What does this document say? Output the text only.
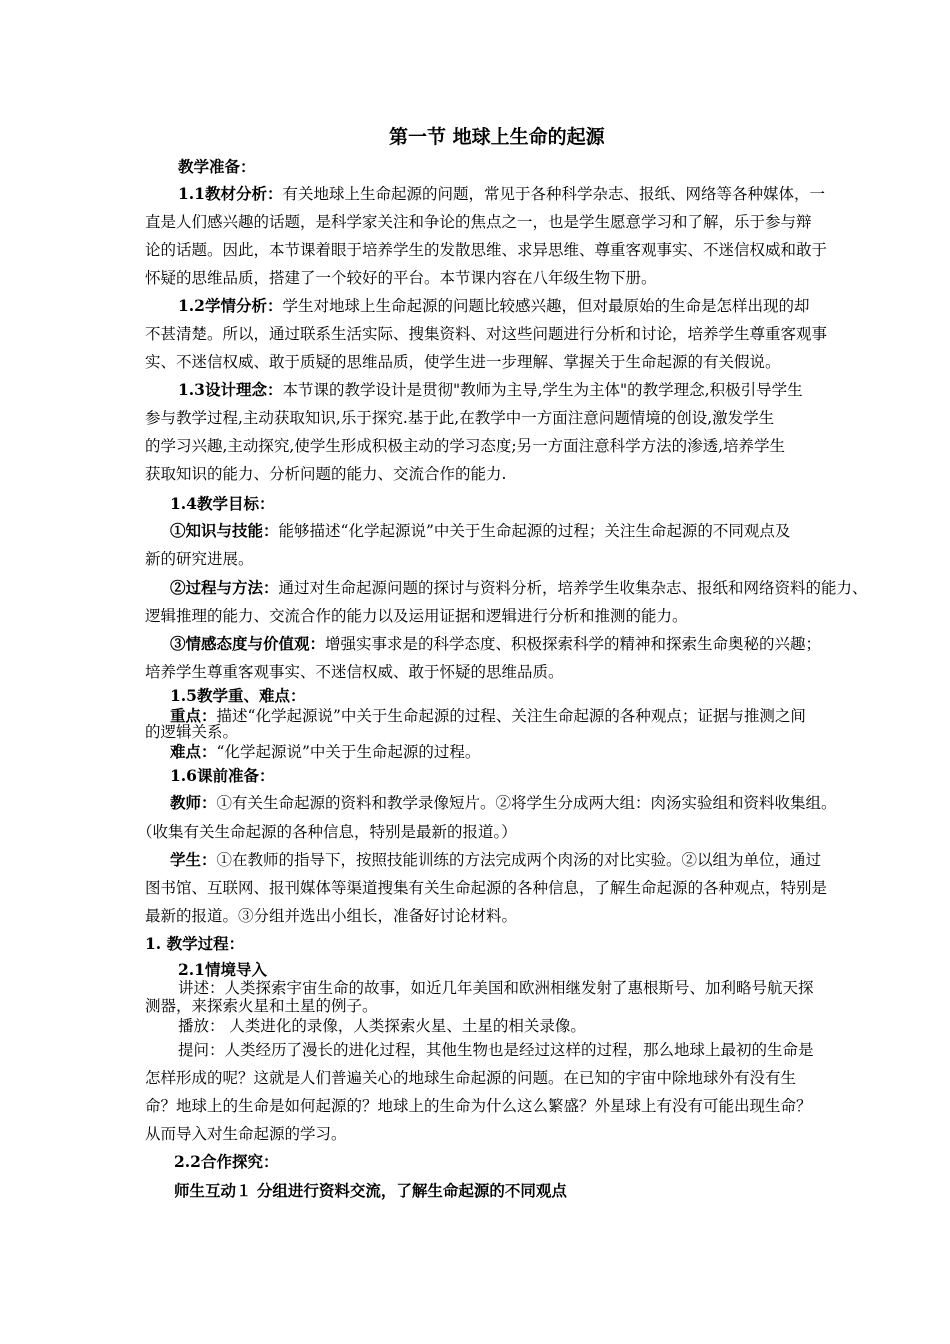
第一节 地球上生命的起源
教学准备：
1.1教材分析：有关地球上生命起源的问题，常见于各种科学杂志、报纸、网络等各种媒体，一
直是人们感兴趣的话题，是科学家关注和争论的焦点之一，也是学生愿意学习和了解，乐于参与辩
论的话题。因此，本节课着眼于培养学生的发散思维、求异思维、尊重客观事实、不迷信权威和敢于
怀疑的思维品质，搭建了一个较好的平台。本节课内容在八年级生物下册。
1.2学情分析：学生对地球上生命起源的问题比较感兴趣，但对最原始的生命是怎样出现的却
不甚清楚。所以，通过联系生活实际、搜集资料、对这些问题进行分析和讨论，培养学生尊重客观事
实、不迷信权威、敢于质疑的思维品质，使学生进一步理解、掌握关于生命起源的有关假说。
1.3设计理念：本节课的教学设计是贯彻"教师为主导,学生为主体"的教学理念,积极引导学生
参与教学过程,主动获取知识,乐于探究.基于此,在教学中一方面注意问题情境的创设,激发学生
的学习兴趣,主动探究,使学生形成积极主动的学习态度;另一方面注意科学方法的渗透,培养学生
获取知识的能力、分析问题的能力、交流合作的能力.
1.4教学目标：
①知识与技能：能够描述“化学起源说”中关于生命起源的过程；关注生命起源的不同观点及
新的研究进展。
②过程与方法：通过对生命起源问题的探讨与资料分析，培养学生收集杂志、报纸和网络资料的能力、
逻辑推理的能力、交流合作的能力以及运用证据和逻辑进行分析和推测的能力。
③情感态度与价值观：增强实事求是的科学态度、积极探索科学的精神和探索生命奥秘的兴趣；
培养学生尊重客观事实、不迷信权威、敢于怀疑的思维品质。
1.5教学重、难点：
重点：描述“化学起源说”中关于生命起源的过程、关注生命起源的各种观点；证据与推测之间
的逻辑关系。
难点：“化学起源说”中关于生命起源的过程。
1.6课前准备：
教师：①有关生命起源的资料和教学录像短片。②将学生分成两大组：肉汤实验组和资料收集组。
（收集有关生命起源的各种信息，特别是最新的报道。）
学生：①在教师的指导下，按照技能训练的方法完成两个肉汤的对比实验。②以组为单位，通过
图书馆、互联网、报刊媒体等渠道搜集有关生命起源的各种信息，了解生命起源的各种观点，特别是
最新的报道。③分组并选出小组长，准备好讨论材料。
1. 教学过程：
2.1情境导入
讲述：人类探索宇宙生命的故事，如近几年美国和欧洲相继发射了惠根斯号、加利略号航天探
测器，来探索火星和土星的例子。
播放： 人类进化的录像，人类探索火星、土星的相关录像。
提问：人类经历了漫长的进化过程，其他生物也是经过这样的过程，那么地球上最初的生命是
怎样形成的呢？这就是人们普遍关心的地球生命起源的问题。在已知的宇宙中除地球外有没有生
命？地球上的生命是如何起源的？地球上的生命为什么这么繁盛？外星球上有没有可能出现生命？
从而导入对生命起源的学习。
2.2合作探究：
师生互动１ 分组进行资料交流，了解生命起源的不同观点
